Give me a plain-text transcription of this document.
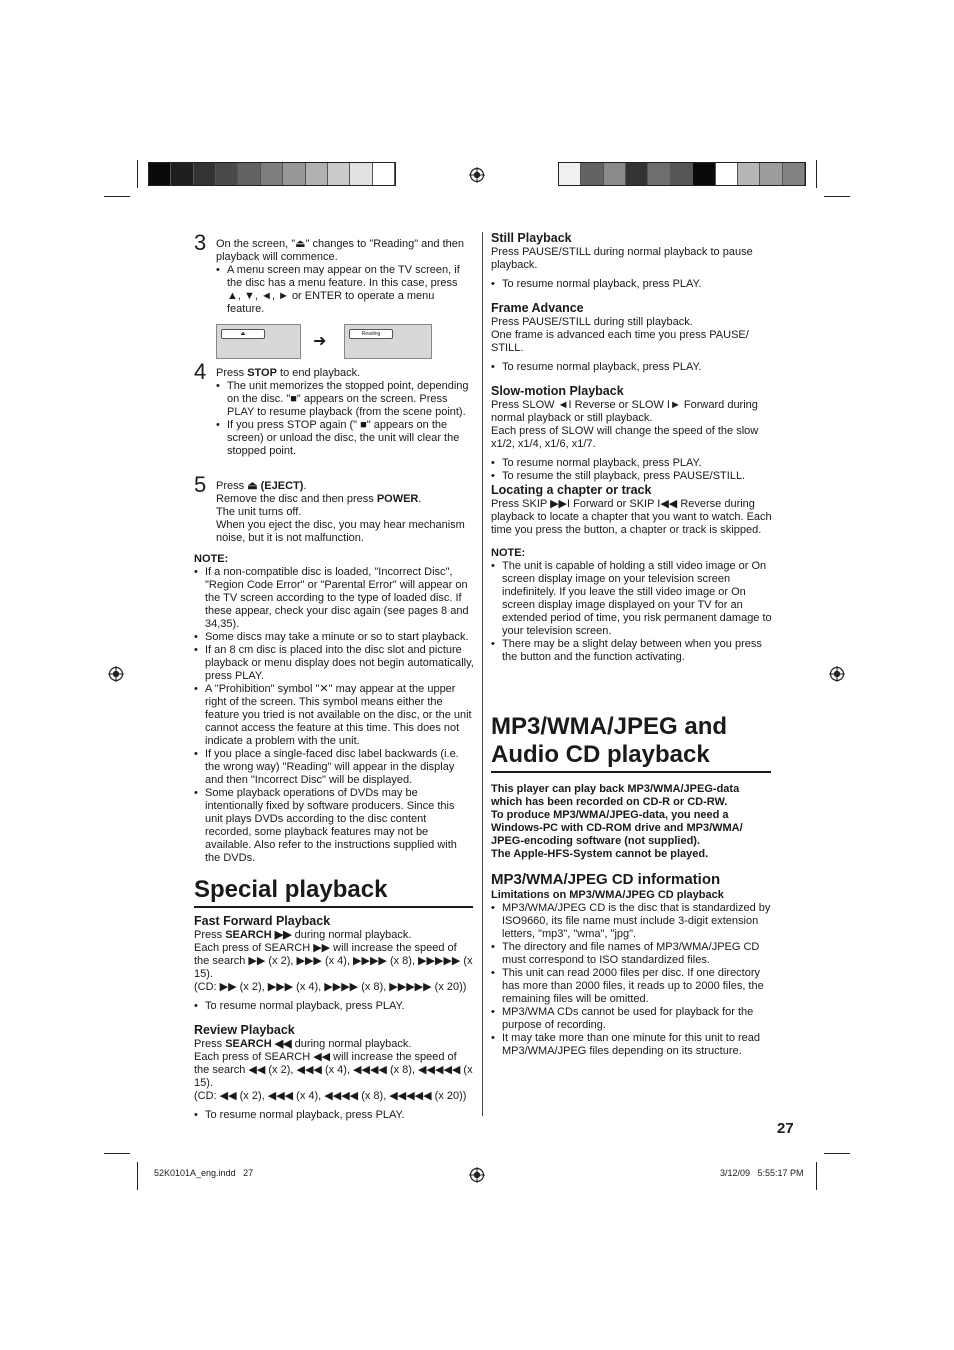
3 On the screen, "⏏" changes to "Reading" and then playback will commence.

• A menu screen may appear on the TV screen, if the disc has a menu feature. In this case, press ▲, ▼, ◄, ► or ENTER to operate a menu feature.
⏏	➜	Reading
4 Press STOP to end playback.

• The unit memorizes the stopped point, depending on the disc. "■" appears on the screen. Press PLAY to resume playback (from the scene point).
• If you press STOP again (" ■" appears on the screen) or unload the disc, the unit will clear the stopped point.
5 Press ⏏ (EJECT).

Remove the disc and then press POWER.

The unit turns off.

When you eject the disc, you may hear mechanism noise, but it is not malfunction.

NOTE:

• If a non-compatible disc is loaded, "Incorrect Disc", "Region Code Error" or "Parental Error" will appear on the TV screen according to the type of loaded disc. If these appear, check your disc again (see pages 8 and 34,35).
• Some discs may take a minute or so to start playback.
• If an 8 cm disc is placed into the disc slot and picture playback or menu display does not begin automatically, press PLAY.
• A "Prohibition" symbol "✕" may appear at the upper right of the screen. This symbol means either the feature you tried is not available on the disc, or the unit cannot access the feature at this time. This does not indicate a problem with the unit.
• If you place a single-faced disc label backwards (i.e. the wrong way) "Reading" will appear in the display and then "Incorrect Disc" will be displayed.
• Some playback operations of DVDs may be intentionally fixed by software producers. Since this unit plays DVDs according to the disc content recorded, some playback features may not be available. Also refer to the instructions supplied with the DVDs.
Special playback

Fast Forward Playback

Press SEARCH ▶▶ during normal playback.

Each press of SEARCH ▶▶ will increase the speed of the search ▶▶ (x 2), ▶▶▶ (x 4), ▶▶▶▶ (x 8), ▶▶▶▶▶ (x 15).

(CD: ▶▶ (x 2), ▶▶▶ (x 4), ▶▶▶▶ (x 8), ▶▶▶▶▶ (x 20))

• To resume normal playback, press PLAY.

Review Playback

Press SEARCH ◀◀ during normal playback.

Each press of SEARCH ◀◀ will increase the speed of the search ◀◀ (x 2), ◀◀◀ (x 4), ◀◀◀◀ (x 8), ◀◀◀◀◀ (x 15).

(CD: ◀◀ (x 2), ◀◀◀ (x 4), ◀◀◀◀ (x 8), ◀◀◀◀◀ (x 20))

• To resume normal playback, press PLAY.

Still Playback

Press PAUSE/STILL during normal playback to pause playback.

• To resume normal playback, press PLAY.

Frame Advance

Press PAUSE/STILL during still playback.

One frame is advanced each time you press PAUSE/ STILL.

• To resume normal playback, press PLAY.

Slow-motion Playback

Press SLOW ◄I Reverse or SLOW I► Forward during normal playback or still playback.

Each press of SLOW will change the speed of the slow x1/2, x1/4, x1/6, x1/7.

• To resume normal playback, press PLAY.
• To resume the still playback, press PAUSE/STILL.

Locating a chapter or track

Press SKIP ▶▶I Forward or SKIP I◀◀ Reverse during playback to locate a chapter that you want to watch. Each time you press the button, a chapter or track is skipped.

NOTE:

• The unit is capable of holding a still video image or On screen display image on your television screen indefinitely. If you leave the still video image or On screen display image displayed on your TV for an extended period of time, you risk permanent damage to your television screen.
• There may be a slight delay between when you press the button and the function activating.
MP3/WMA/JPEG and
Audio CD playback

This player can play back MP3/WMA/JPEG-data which has been recorded on CD-R or CD-RW.

To produce MP3/WMA/JPEG-data, you need a Windows-PC with CD-ROM drive and MP3/WMA/ JPEG-encoding software (not supplied).

The Apple-HFS-System cannot be played.

MP3/WMA/JPEG CD information

Limitations on MP3/WMA/JPEG CD playback

• MP3/WMA/JPEG CD is the disc that is standardized by ISO9660, its file name must include 3-digit extension letters, "mp3", "wma", "jpg".
• The directory and file names of MP3/WMA/JPEG CD must correspond to ISO standardized files.
• This unit can read 2000 files per disc. If one directory has more than 2000 files, it reads up to 2000 files, the remaining files will be omitted.
• MP3/WMA CDs cannot be used for playback for the purpose of recording.
• It may take more than one minute for this unit to read MP3/WMA/JPEG files depending on its structure.
27
52K0101A_eng.indd   27	3/12/09   5:55:17 PM
